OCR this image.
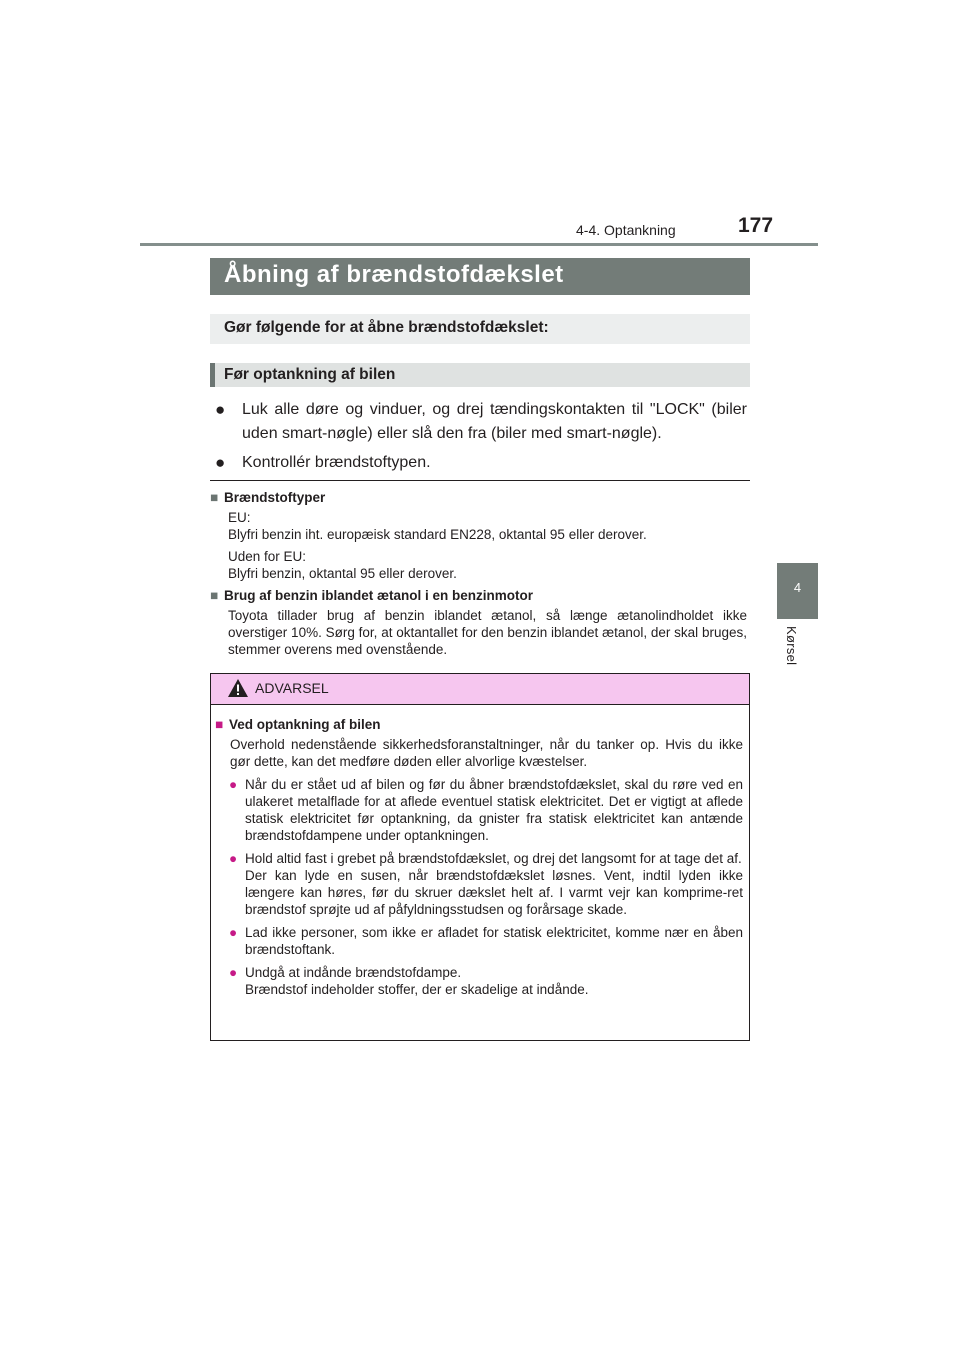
4-4. Optankning	177
4
Kørsel
Åbning af brændstofdækslet
Gør følgende for at åbne brændstofdækslet:
Før optankning af bilen
● Luk alle døre og vinduer, og drej tændingskontakten til "LOCK" (biler uden smart-nøgle) eller slå den fra (biler med smart-nøgle).
● Kontrollér brændstoftypen.
■ Brændstoftyper

EU:
Blyfri benzin iht. europæisk standard EN228, oktantal 95 eller derover.

Uden for EU:
Blyfri benzin, oktantal 95 eller derover.

■ Brug af benzin iblandet ætanol i en benzinmotor

Toyota tillader brug af benzin iblandet ætanol, så længe ætanolindholdet ikke overstiger 10%. Sørg for, at oktantallet for den benzin iblandet ætanol, der skal bruges, stemmer overens med ovenstående.

ADVARSEL
■ Ved optankning af bilen
Overhold nedenstående sikkerhedsforanstaltninger, når du tanker op. Hvis du ikke gør dette, kan det medføre døden eller alvorlige kvæstelser.
● Når du er stået ud af bilen og før du åbner brændstofdækslet, skal du røre ved en ulakeret metalflade for at aflede eventuel statisk elektricitet. Det er vigtigt at aflede statisk elektricitet før optankning, da gnister fra statisk elektricitet kan antænde brændstofdampene under optankningen.

● Hold altid fast i grebet på brændstofdækslet, og drej det langsomt for at tage det af.

Der kan lyde en susen, når brændstofdækslet løsnes. Vent, indtil lyden ikke længere kan høres, før du skruer dækslet helt af. I varmt vejr kan komprime-ret brændstof sprøjte ud af påfyldningsstudsen og forårsage skade.

● Lad ikke personer, som ikke er afladet for statisk elektricitet, komme nær en åben brændstoftank.

● Undgå at indånde brændstofdampe.

Brændstof indeholder stoffer, der er skadelige at indånde.
